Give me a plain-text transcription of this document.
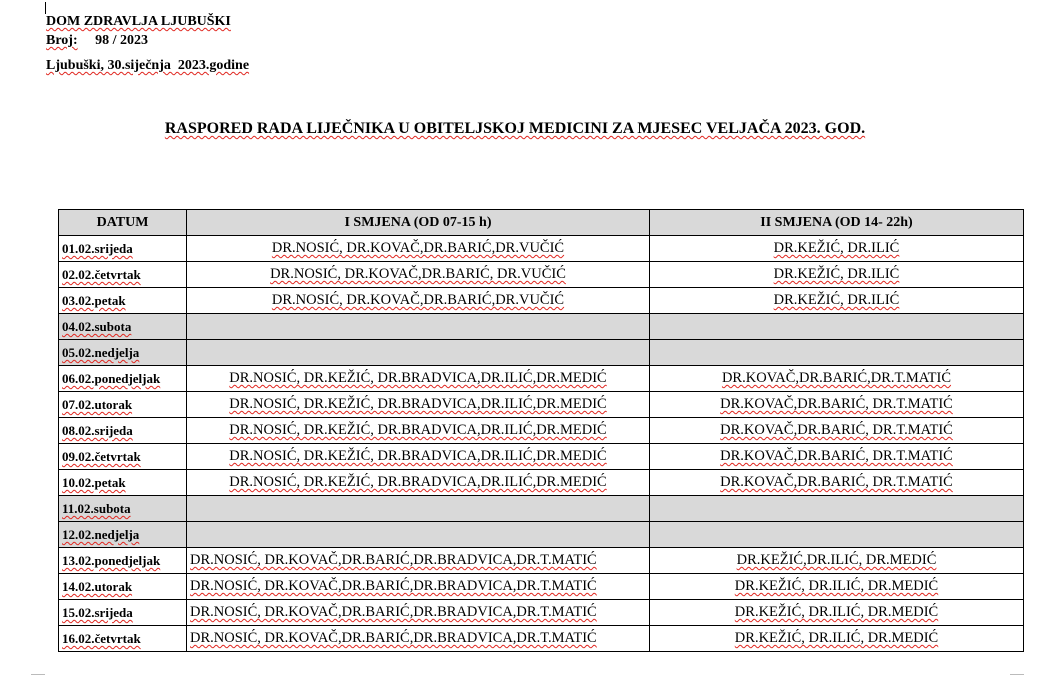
DOM ZDRAVLJA LJUBUŠKI
Broj: 98 / 2023
Ljubuški, 30.siječnja  2023.godine
RASPORED RADA LIJEČNIKA U OBITELJSKOJ MEDICINI ZA MJESEC VELJAČA 2023. GOD.
DATUM	I SMJENA (OD 07-15 h)	II SMJENA (OD 14- 22h)
01.02.srijeda	DR.NOSIĆ, DR.KOVAČ,DR.BARIĆ,DR.VUČIĆ	DR.KEŽIĆ, DR.ILIĆ
02.02.četvrtak	DR.NOSIĆ, DR.KOVAČ,DR.BARIĆ, DR.VUČIĆ	DR.KEŽIĆ, DR.ILIĆ
03.02.petak	DR.NOSIĆ, DR.KOVAČ,DR.BARIĆ,DR.VUČIĆ	DR.KEŽIĆ, DR.ILIĆ
04.02.subota		
05.02.nedjelja		
06.02.ponedjeljak	DR.NOSIĆ, DR.KEŽIĆ, DR.BRADVICA,DR.ILIĆ,DR.MEDIĆ	DR.KOVAČ,DR.BARIĆ,DR.T.MATIĆ
07.02.utorak	DR.NOSIĆ, DR.KEŽIĆ, DR.BRADVICA,DR.ILIĆ,DR.MEDIĆ	DR.KOVAČ,DR.BARIĆ, DR.T.MATIĆ
08.02.srijeda	DR.NOSIĆ, DR.KEŽIĆ, DR.BRADVICA,DR.ILIĆ,DR.MEDIĆ	DR.KOVAČ,DR.BARIĆ, DR.T.MATIĆ
09.02.četvrtak	DR.NOSIĆ, DR.KEŽIĆ, DR.BRADVICA,DR.ILIĆ,DR.MEDIĆ	DR.KOVAČ,DR.BARIĆ, DR.T.MATIĆ
10.02.petak	DR.NOSIĆ, DR.KEŽIĆ, DR.BRADVICA,DR.ILIĆ,DR.MEDIĆ	DR.KOVAČ,DR.BARIĆ, DR.T.MATIĆ
11.02.subota		
12.02.nedjelja		
13.02.ponedjeljak	DR.NOSIĆ, DR.KOVAČ,DR.BARIĆ,DR.BRADVICA,DR.T.MATIĆ	DR.KEŽIĆ,DR.ILIĆ, DR.MEDIĆ
14.02.utorak	DR.NOSIĆ, DR.KOVAČ,DR.BARIĆ,DR.BRADVICA,DR.T.MATIĆ	DR.KEŽIĆ, DR.ILIĆ, DR.MEDIĆ
15.02.srijeda	DR.NOSIĆ, DR.KOVAČ,DR.BARIĆ,DR.BRADVICA,DR.T.MATIĆ	DR.KEŽIĆ, DR.ILIĆ, DR.MEDIĆ
16.02.četvrtak	DR.NOSIĆ, DR.KOVAČ,DR.BARIĆ,DR.BRADVICA,DR.T.MATIĆ	DR.KEŽIĆ, DR.ILIĆ, DR.MEDIĆ
